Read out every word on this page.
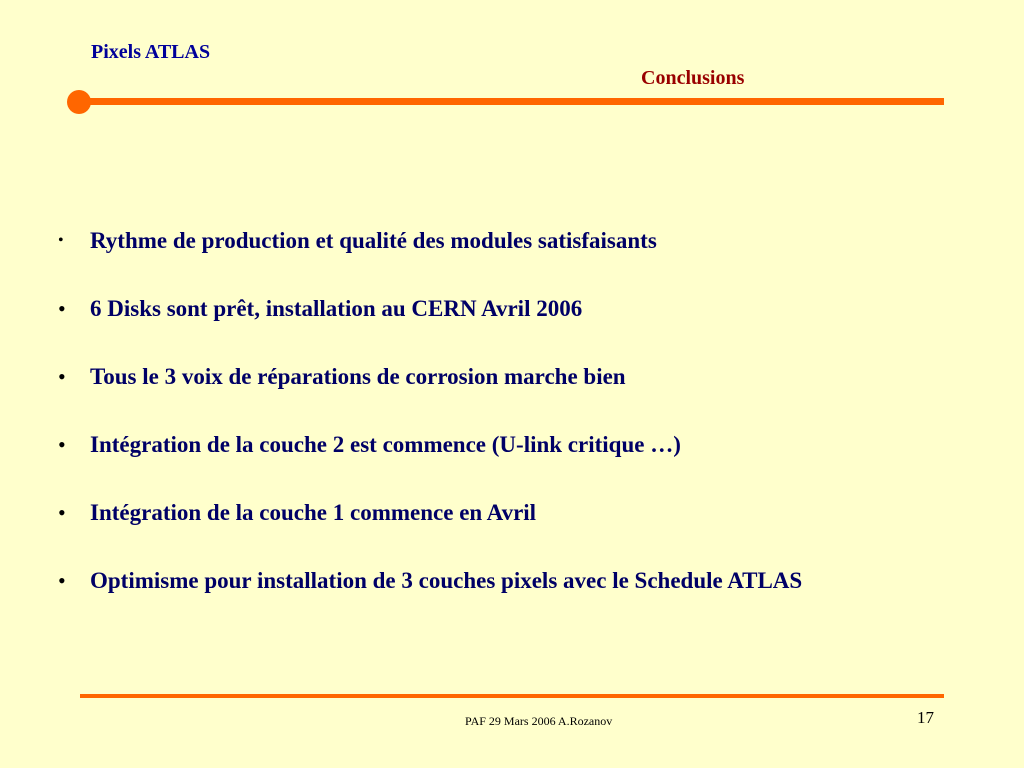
Pixels ATLAS
Conclusions
•	Rythme de production et qualité des modules satisfaisants
•	6 Disks sont prêt, installation au CERN Avril 2006
•	Tous le 3 voix de réparations de corrosion marche bien
•	Intégration de la couche 2 est commence (U-link critique …)
•	Intégration de la couche 1 commence en Avril
•	Optimisme pour installation de 3 couches pixels avec le Schedule ATLAS
PAF 29 Mars 2006 A.Rozanov	17
